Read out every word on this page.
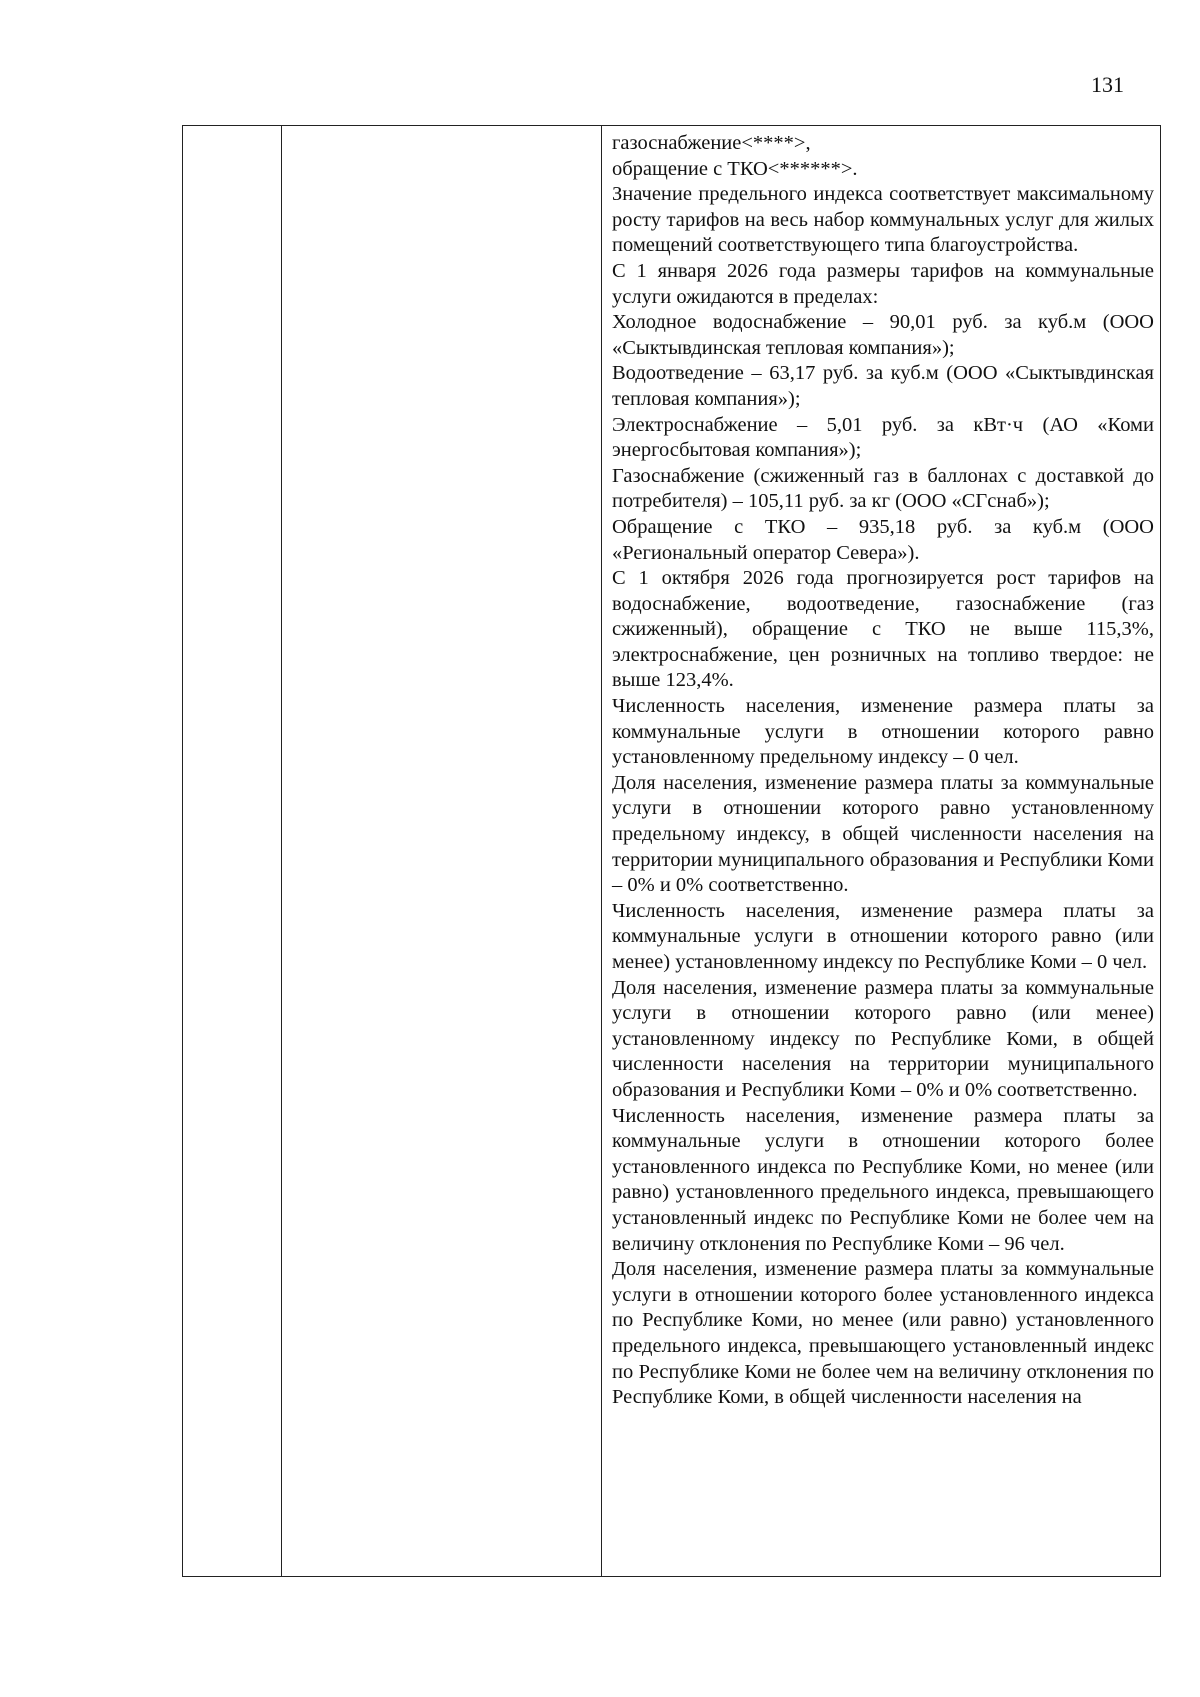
131

газоснабжение<****>,

обращение с ТКО<******>.

Значение предельного индекса соответствует максимальному росту тарифов на весь набор коммунальных услуг для жилых помещений соответствующего типа благоустройства.

С 1 января 2026 года размеры тарифов на коммунальные услуги ожидаются в пределах:

Холодное водоснабжение – 90,01 руб. за куб.м (ООО «Сыктывдинская тепловая компания»);

Водоотведение – 63,17 руб. за куб.м (ООО «Сыктывдинская тепловая компания»);

Электроснабжение – 5,01 руб. за кВт·ч (АО «Коми энергосбытовая компания»);

Газоснабжение (сжиженный газ в баллонах с доставкой до потребителя) – 105,11 руб. за кг (ООО «СГснаб»);

Обращение с ТКО – 935,18 руб. за куб.м (ООО «Региональный оператор Севера»).

С 1 октября 2026 года прогнозируется рост тарифов на водоснабжение, водоотведение, газоснабжение (газ сжиженный), обращение с ТКО не выше 115,3%, электроснабжение, цен розничных на топливо твердое: не выше 123,4%.

Численность населения, изменение размера платы за коммунальные услуги в отношении которого равно установленному предельному индексу – 0 чел.

Доля населения, изменение размера платы за коммунальные услуги в отношении которого равно установленному предельному индексу, в общей численности населения на территории муниципального образования и Республики Коми – 0% и 0% соответственно.

Численность населения, изменение размера платы за коммунальные услуги в отношении которого равно (или менее) установленному индексу по Республике Коми – 0 чел.

Доля населения, изменение размера платы за коммунальные услуги в отношении которого равно (или менее) установленному индексу по Республике Коми, в общей численности населения на территории муниципального образования и Республики Коми – 0% и 0% соответственно.

Численность населения, изменение размера платы за коммунальные услуги в отношении которого более установленного индекса по Республике Коми, но менее (или равно) установленного предельного индекса, превышающего установленный индекс по Республике Коми не более чем на величину отклонения по Республике Коми – 96 чел.

Доля населения, изменение размера платы за коммунальные услуги в отношении которого более установленного индекса по Республике Коми, но менее (или равно) установленного предельного индекса, превышающего установленный индекс по Республике Коми не более чем на величину отклонения по Республике Коми, в общей численности населения на
